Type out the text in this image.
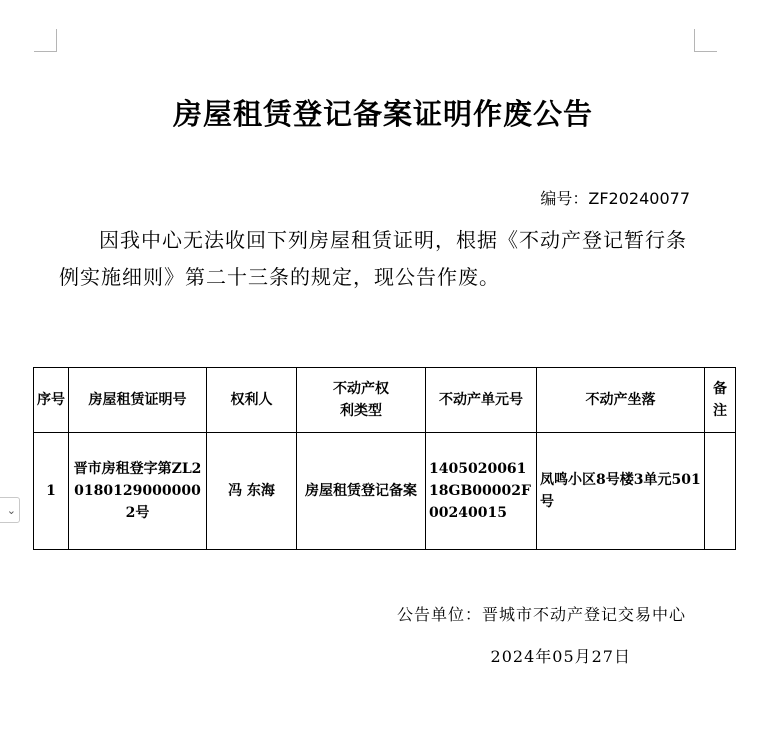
房屋租赁登记备案证明作废公告
编号：ZF20240077
因我中心无法收回下列房屋租赁证明，根据《不动产登记暂行条例实施细则》第二十三条的规定，现公告作废。
序号	房屋租赁证明号	权利人	不动产权利类型	不动产单元号	不动产坐落	备注
1	晋市房租登字第ZL201801290000002号	冯 东海	房屋租赁登记备案	140502006118GB00002F00240015	凤鸣小区8号楼3单元501号	
⌄
公告单位：晋城市不动产登记交易中心
2024年05月27日
